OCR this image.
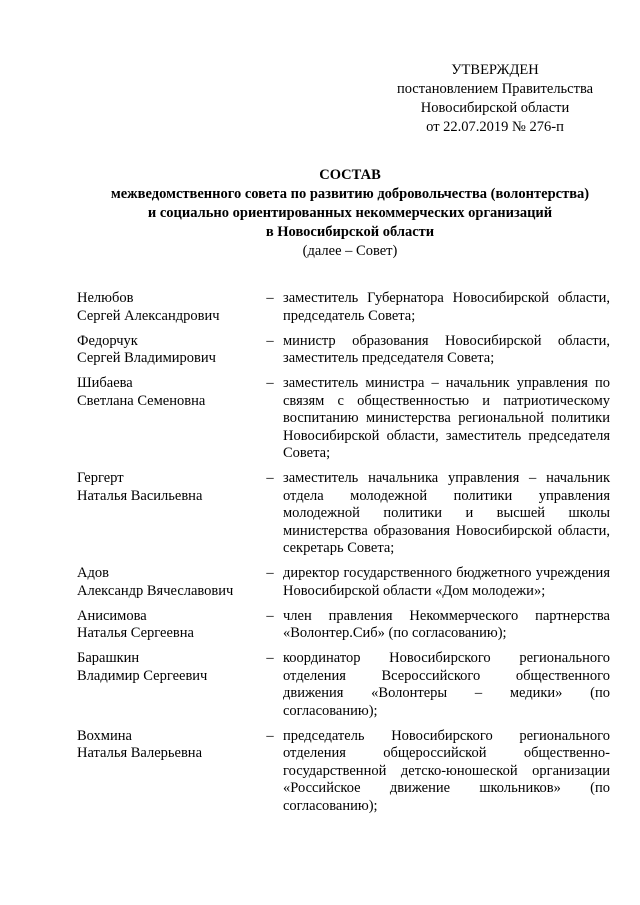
УТВЕРЖДЕН
постановлением Правительства
Новосибирской области
от 22.07.2019 № 276-п
СОСТАВ
межведомственного совета по развитию добровольчества (волонтерства)
и социально ориентированных некоммерческих организаций
в Новосибирской области
(далее – Совет)
Нелюбов
Сергей Александрович
– заместитель Губернатора Новосибирской области, председатель Совета;
Федорчук
Сергей Владимирович
– министр образования Новосибирской области, заместитель председателя Совета;
Шибаева
Светлана Семеновна
– заместитель министра – начальник управления по связям с общественностью и патриотическому воспитанию министерства региональной политики Новосибирской области, заместитель председателя Совета;
Гергерт
Наталья Васильевна
– заместитель начальника управления – начальник отдела молодежной политики управления молодежной политики и высшей школы министерства образования Новосибирской области, секретарь Совета;
Адов
Александр Вячеславович
– директор государственного бюджетного учреждения Новосибирской области «Дом молодежи»;
Анисимова
Наталья Сергеевна
– член правления Некоммерческого партнерства «Волонтер.Сиб» (по согласованию);
Барашкин
Владимир Сергеевич
– координатор Новосибирского регионального отделения Всероссийского общественного движения «Волонтеры – медики» (по согласованию);
Вохмина
Наталья Валерьевна
– председатель Новосибирского регионального отделения общероссийской общественно-государственной детско-юношеской организации «Российское движение школьников» (по согласованию);
